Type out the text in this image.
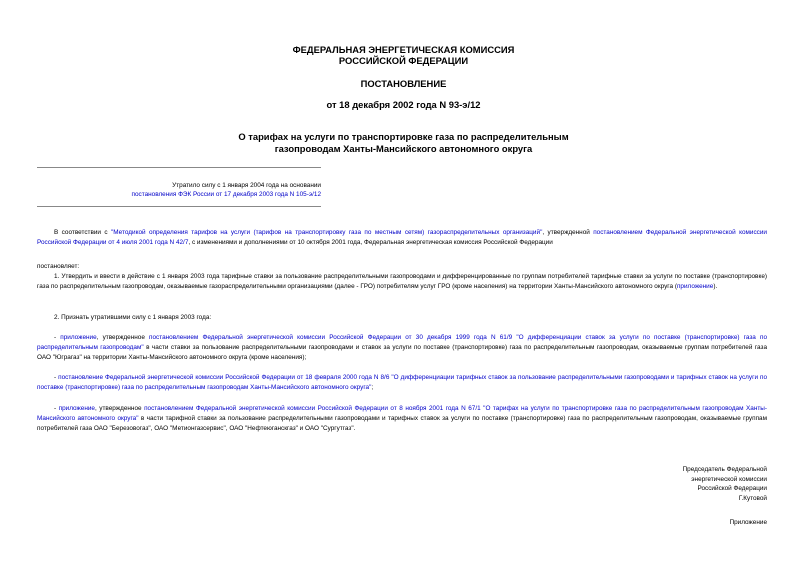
ФЕДЕРАЛЬНАЯ ЭНЕРГЕТИЧЕСКАЯ КОМИССИЯ
РОССИЙСКОЙ ФЕДЕРАЦИИ
ПОСТАНОВЛЕНИЕ
от 18 декабря 2002 года N 93-э/12
О тарифах на услуги по транспортировке газа по распределительным
газопроводам Ханты-Мансийского автономного округа
Утратило силу с 1 января 2004 года на основании
постановления ФЭК России от 17 декабря 2003 года N 105-э/12
В соответствии с "Методикой определения тарифов на услуги (тарифов на транспортировку газа по местным сетям) газораспределительных организаций", утвержденной постановлением Федеральной энергетической комиссии Российской Федерации от 4 июля 2001 года N 42/7, с изменениями и дополнениями от 10 октября 2001 года, Федеральная энергетическая комиссия Российской Федерации
постановляет:
1. Утвердить и ввести в действие с 1 января 2003 года тарифные ставки за пользование распределительными газопроводами и дифференцированные по группам потребителей тарифные ставки за услуги по поставке (транспортировке) газа по распределительным газопроводам, оказываемые газораспределительными организациями (далее - ГРО) потребителям услуг ГРО (кроме населения) на территории Ханты-Мансийского автономного округа (приложение).
2. Признать утратившими силу с 1 января 2003 года:
- приложение, утвержденное постановлением Федеральной энергетической комиссии Российской Федерации от 30 декабря 1999 года N 61/9 "О дифференциации ставок за услуги по поставке (транспортировке) газа по распределительным газопроводам" в части ставки за пользование распределительными газопроводами и ставок за услуги по поставке (транспортировке) газа по распределительным газопроводам, оказываемые группам потребителей газа ОАО "Юграгаз" на территории Ханты-Мансийского автономного округа (кроме населения);
- постановление Федеральной энергетической комиссии Российской Федерации от 18 февраля 2000 года N 8/6 "О дифференциации тарифных ставок за пользование распределительными газопроводами и тарифных ставок на услуги по поставке (транспортировке) газа по распределительным газопроводам Ханты-Мансийского автономного округа";
- приложение, утвержденное постановлением Федеральной энергетической комиссии Российской Федерации от 8 ноября 2001 года N 67/1 "О тарифах на услуги по транспортировке газа по распределительным газопроводам Ханты-Мансийского автономного округа" в части тарифной ставки за пользование распределительными газопроводами и тарифных ставок за услуги по поставке (транспортировке) газа по распределительным газопроводам, оказываемые группам потребителей газа ОАО "Березовогаз", ОАО "Метионгазсервис", ОАО "Нефтеюганскгаз" и ОАО "Сургутгаз".
Председатель Федеральной
энергетической комиссии
Российской Федерации
Г.Кутовой
Приложение
